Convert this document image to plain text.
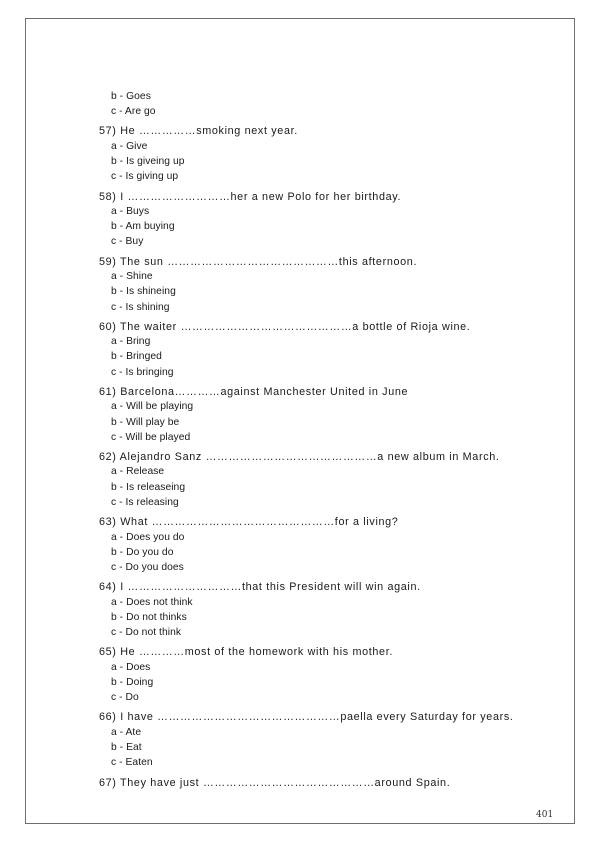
b - Goes
c - Are go
57) He ……………smoking next year.
a - Give
b - Is giveing up
c - Is giving up
58) I ………………………her a new Polo for her birthday.
a - Buys
b - Am buying
c - Buy
59) The sun ………………………………………this afternoon.
a - Shine
b - Is shineing
c - Is shining
60) The waiter ………………………………………a bottle of Rioja wine.
a - Bring
b - Bringed
c - Is bringing
61) Barcelona…………against Manchester United in June
a - Will be playing
b - Will play be
c - Will be played
62) Alejandro Sanz ………………………………………a new album in March.
a - Release
b - Is releaseing
c - Is releasing
63) What …………………………………………for a living?
a - Does you do
b - Do you do
c - Do you does
64) I …………………………that this President will win again.
a - Does not think
b - Do not thinks
c - Do not think
65) He …………most of the homework with his mother.
a - Does
b - Doing
c - Do
66) I have …………………………………………paella every Saturday for years.
a - Ate
b - Eat
c - Eaten
67) They have just ………………………………………around Spain.
401
